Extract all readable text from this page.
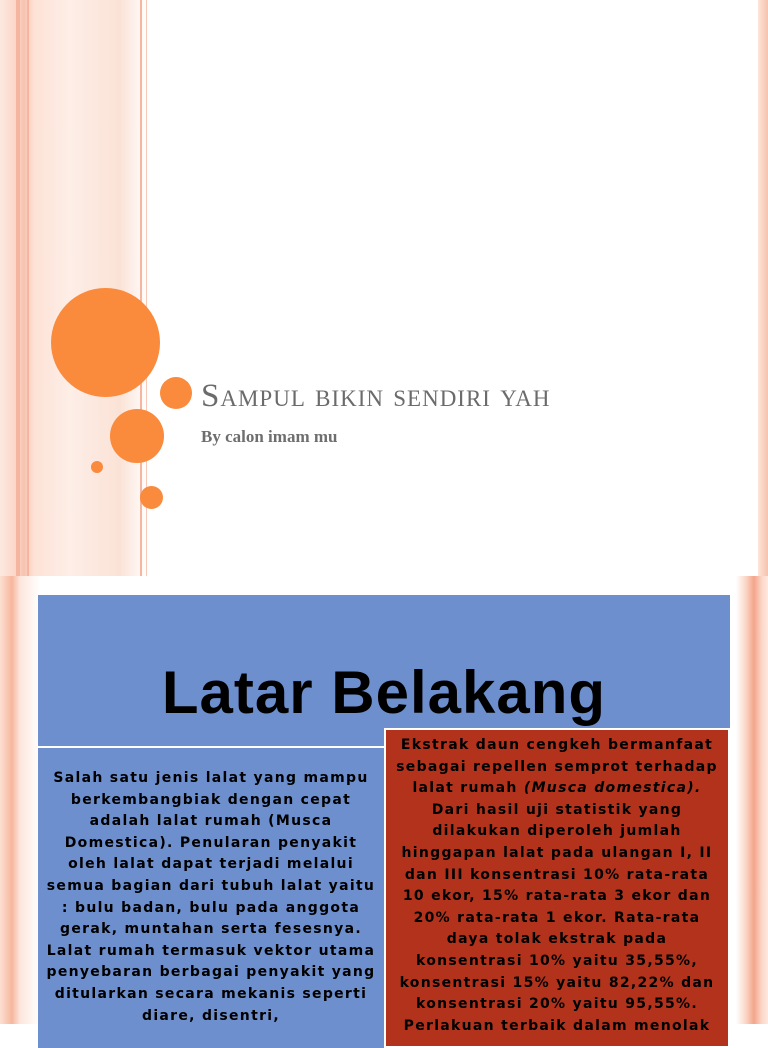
Sampul bikin sendiri yah
By calon imam mu
Latar Belakang

Salah satu jenis lalat yang mampu berkembangbiak dengan cepat adalah lalat rumah (Musca Domestica). Penularan penyakit oleh lalat dapat terjadi melalui semua bagian dari tubuh lalat yaitu : bulu badan, bulu pada anggota gerak, muntahan serta fesesnya. Lalat rumah termasuk vektor utama penyebaran berbagai penyakit yang ditularkan secara mekanis seperti diare, disentri,

Ekstrak daun cengkeh bermanfaat sebagai repellen semprot terhadap lalat rumah (Musca domestica). Dari hasil uji statistik yang dilakukan diperoleh jumlah hinggapan lalat pada ulangan I, II dan III konsentrasi 10% rata-rata 10 ekor, 15% rata-rata 3 ekor dan 20% rata-rata 1 ekor. Rata-rata daya tolak ekstrak pada konsentrasi 10% yaitu 35,55%, konsentrasi 15% yaitu 82,22% dan konsentrasi 20% yaitu 95,55%. Perlakuan terbaik dalam menolak
